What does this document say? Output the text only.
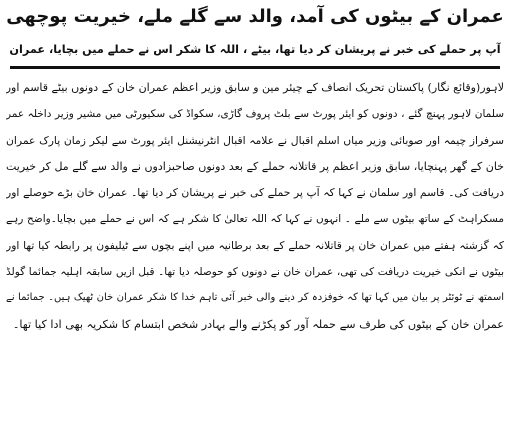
عمران کے بیٹوں کی آمد، والد سے گلے ملے، خیریت پوچھی
آپ پر حملے کی خبر نے پریشان کر دیا تھا، بیٹے ، اللہ کا شکر اس نے حملے میں بچایا، عمران
لاہور(وقائع نگار) پاکستان تحریک انصاف کے چیئر مین و سابق وزیر اعظم عمران خان کے دونوں بیٹے قاسم اور
سلمان لاہور پہنچ گئے ، دونوں کو ایئر پورٹ سے بلٹ پروف گاڑی، سکواڈ کی سکیورٹی میں مشیر وزیر داخلہ عمر
سرفراز چیمہ اور صوبائی وزیر میاں اسلم اقبال نے علامہ اقبال انٹرنیشنل ایئر پورٹ سے لیکر زمان پارک عمران
خان کے گھر پہنچایا، سابق وزیر اعظم پر قاتلانہ حملے کے بعد دونوں صاحبزادوں نے والد سے گلے مل کر خیریت
دریافت کی۔ قاسم اور سلمان نے کہا کہ آپ پر حملے کی خبر نے پریشان کر دیا تھا۔ عمران خان بڑے حوصلے اور
مسکراہٹ کے ساتھ بیٹوں سے ملے ۔ انہوں نے کہا کہ اللہ تعالیٰ کا شکر ہے کہ اس نے حملے میں بچایا۔واضح رہے
کہ گزشتہ ہفتے میں عمران خان پر قاتلانہ حملے کے بعد برطانیہ میں اپنے بچوں سے ٹیلیفون پر رابطہ کیا تھا اور
بیٹوں نے انکی خیریت دریافت کی تھی، عمران خان نے دونوں کو حوصلہ دیا تھا۔ قبل ازیں سابقہ اہلیہ جمائما گولڈ
اسمتھ نے ٹوئٹر پر بیان میں کہا تھا کہ خوفزدہ کر دینے والی خبر آئی تاہم خدا کا شکر عمران خان ٹھیک ہیں۔ جمائما نے
عمران خان کے بیٹوں کی طرف سے حملہ آور کو پکڑنے والے بہادر شخص ابتسام کا شکریہ بھی ادا کیا تھا۔
